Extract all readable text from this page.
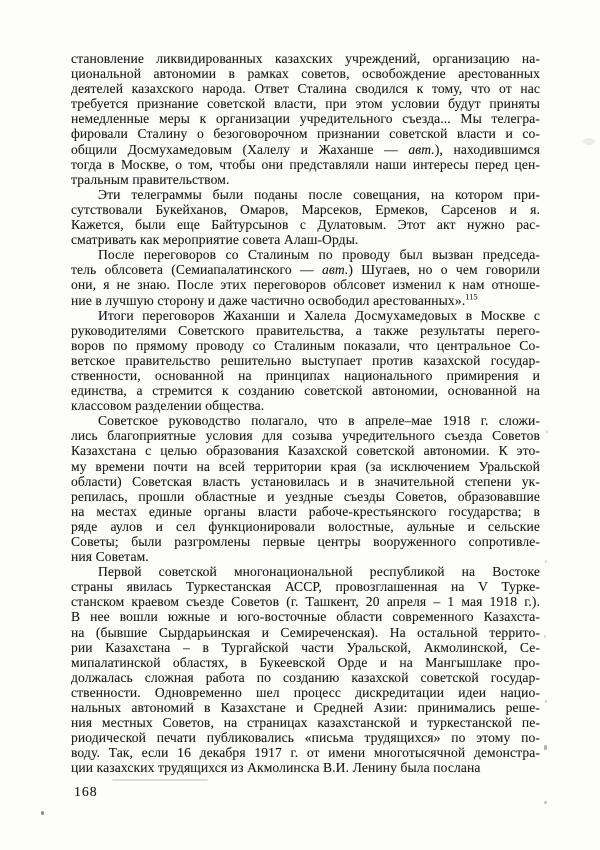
становление ликвидированных казахских учреждений, организацию на-
циональной автономии в рамках советов, освобождение арестованных
деятелей казахского народа. Ответ Сталина сводился к тому, что от нас
требуется признание советской власти, при этом условии будут приняты
немедленные меры к организации учредительного съезда... Мы телегра-
фировали Сталину о безоговорочном признании советской власти и со-
общили Досмухамедовым (Халелу и Жаханше — авт.), находившимся
тогда в Москве, о том, чтобы они представляли наши интересы перед цен-
тральным правительством.
Эти телеграммы были поданы после совещания, на котором при-
сутствовали Букейханов, Омаров, Марсеков, Ермеков, Сарсенов и я.
Кажется, были еще Байтурсынов с Дулатовым. Этот акт нужно рас-
сматривать как мероприятие совета Алаш-Орды.
После переговоров со Сталиным по проводу был вызван председа-
тель облсовета (Семиапалатинского — авт.) Шугаев, но о чем говорили
они, я не знаю. После этих переговоров облсовет изменил к нам отноше-
ние в лучшую сторону и даже частично освободил арестованных».$^{115}$
Итоги переговоров Жаханши и Халела Досмухамедовых в Москве с
руководителями Советского правительства, а также результаты перего-
воров по прямому проводу со Сталиным показали, что центральное Со-
ветское правительство решительно выступает против казахской государ-
ственности, основанной на принципах национального примирения и
единства, а стремится к созданию советской автономии, основанной на
классовом разделении общества.
Советское руководство полагало, что в апреле–мае 1918 г. сложи-
лись благоприятные условия для созыва учредительного съезда Советов
Казахстана с целью образования Казахской советской автономии. К это-
му времени почти на всей территории края (за исключением Уральской
области) Советская власть установилась и в значительной степени ук-
репилась, прошли областные и уездные съезды Советов, образовавшие
на местах единые органы власти рабоче-крестьянского государства; в
ряде аулов и сел функционировали волостные, аульные и сельские
Советы; были разгромлены первые центры вооруженного сопротивле-
ния Советам.
Первой советской многонациональной республикой на Востоке
страны явилась Туркестанская АССР, провозглашенная на V Турке-
станском краевом съезде Советов (г. Ташкент, 20 апреля – 1 мая 1918 г.).
В нее вошли южные и юго-восточные области современного Казахста-
на (бывшие Сырдарьинская и Семиреченская). На остальной террито-
рии Казахстана – в Тургайской части Уральской, Акмолинской, Се-
мипалатинской областях, в Букеевской Орде и на Мангышлаке про-
должалась сложная работа по созданию казахской советской государ-
ственности. Одновременно шел процесс дискредитации идеи нацио-
нальных автономий в Казахстане и Средней Азии: принимались реше-
ния местных Советов, на страницах казахстанской и туркестанской пе-
риодической печати публиковались «письма трудящихся» по этому по-
воду. Так, если 16 декабря 1917 г. от имени многотысячной демонстра-
ции казахских трудящихся из Акмолинска В.И. Ленину была послана
168
